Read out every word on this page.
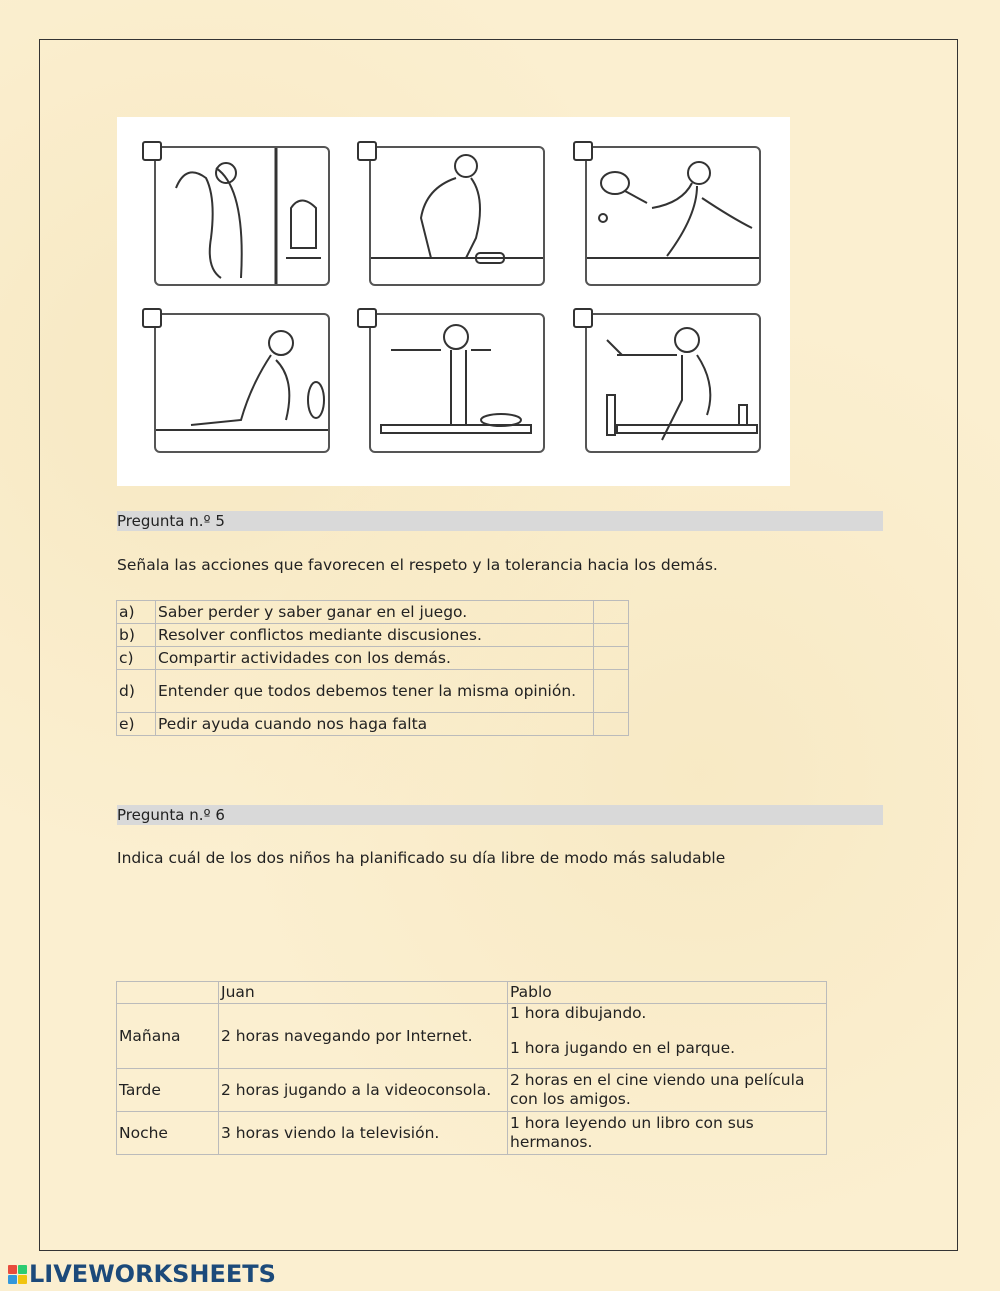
Pregunta n.º 5
Señala las acciones que favorecen el respeto y la tolerancia hacia los demás.
a)	Saber perder y saber ganar en el juego.	
b)	Resolver conflictos mediante discusiones.	
c)	Compartir actividades con los demás.	
d)	Entender que todos debemos tener la misma opinión.	
e)	Pedir ayuda cuando nos haga falta	
Pregunta n.º 6
Indica cuál de los dos niños ha planificado su día libre de modo más saludable
	Juan	Pablo
Mañana	2 horas navegando por Internet.	1 hora dibujando.
1 hora jugando en el parque.

Tarde	2 horas jugando a la videoconsola.	2 horas en el cine viendo una película con los amigos.
Noche	3 horas viendo la televisión.	1 hora leyendo un libro con sus hermanos.
LIVEWORKSHEETS
